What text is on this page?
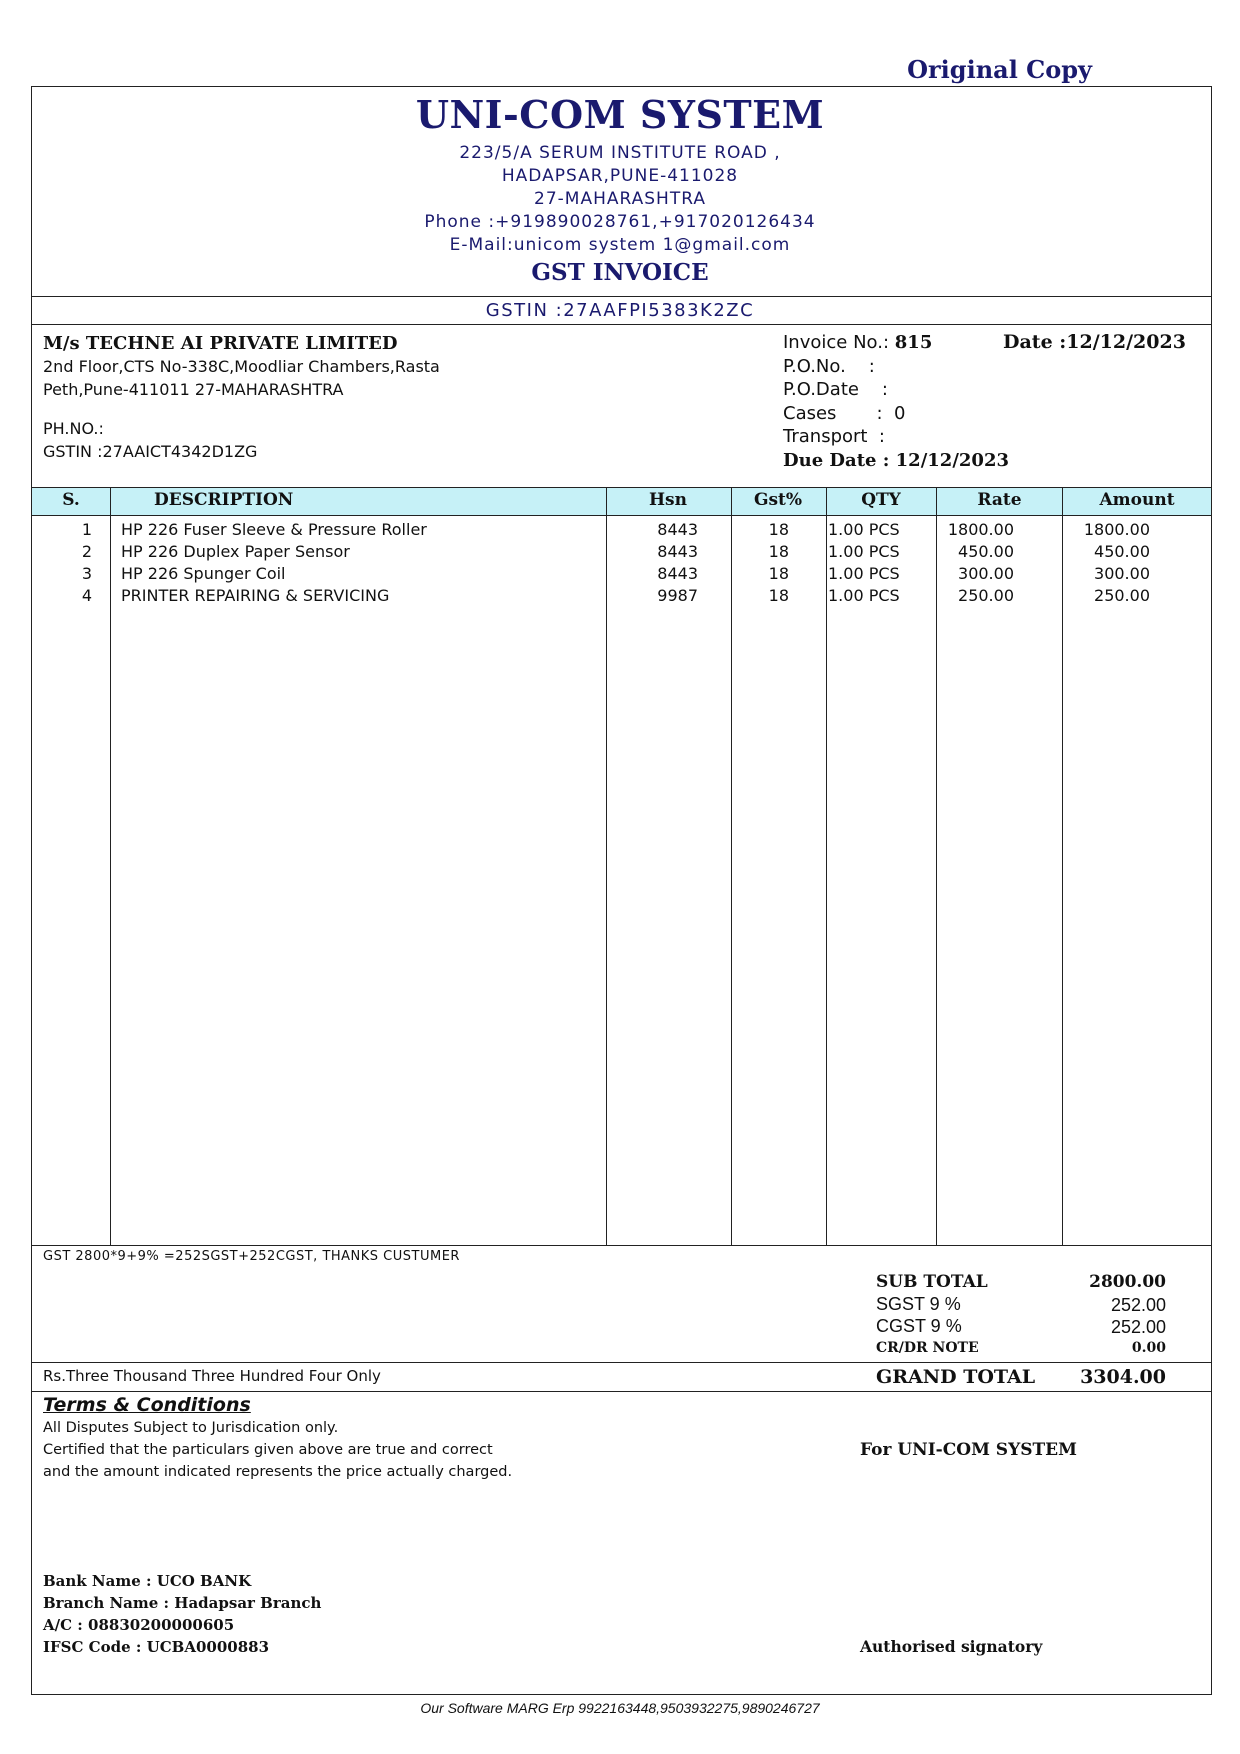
Original Copy
UNI-COM SYSTEM
223/5/A SERUM INSTITUTE ROAD ,
HADAPSAR,PUNE-411028
27-MAHARASHTRA
Phone :+919890028761,+917020126434
E-Mail:unicom system 1@gmail.com
GST INVOICE
GSTIN :27AAFPI5383K2ZC
M/s TECHNE AI PRIVATE LIMITED
2nd Floor,CTS No-338C,Moodliar Chambers,Rasta
Peth,Pune-411011 27-MAHARASHTRA
PH.NO.:
GSTIN :27AAICT4342D1ZG
Invoice No.: 815
P.O.No.    :
P.O.Date    :
Cases       : 0
Transport  :
Due Date : 12/12/2023
Date :12/12/2023
S.	DESCRIPTION	Hsn	Gst%	QTY	Rate	Amount
1 HP 226 Fuser Sleeve & Pressure Roller	8443	18 1.00 PCS	1800.00	1800.00
2 HP 226 Duplex Paper Sensor	8443	18 1.00 PCS	450.00	450.00
3 HP 226 Spunger Coil	8443	18 1.00 PCS	300.00	300.00
4 PRINTER REPAIRING & SERVICING	9987	18 1.00 PCS	250.00	250.00
GST 2800*9+9% =252SGST+252CGST, THANKS CUSTUMER
SUB TOTAL	2800.00
SGST 9 %	252.00
CGST 9 %	252.00
CR/DR NOTE	0.00
Rs.Three Thousand Three Hundred Four Only	GRAND TOTAL	3304.00
Terms & Conditions
All Disputes Subject to Jurisdication only.
Certified that the particulars given above are true and correct
and the amount indicated represents the price actually charged.
For UNI-COM SYSTEM
Bank Name : UCO BANK
Branch Name : Hadapsar Branch
A/C : 08830200000605
IFSC Code : UCBA0000883	Authorised signatory
Our Software MARG Erp 9922163448,9503932275,9890246727
